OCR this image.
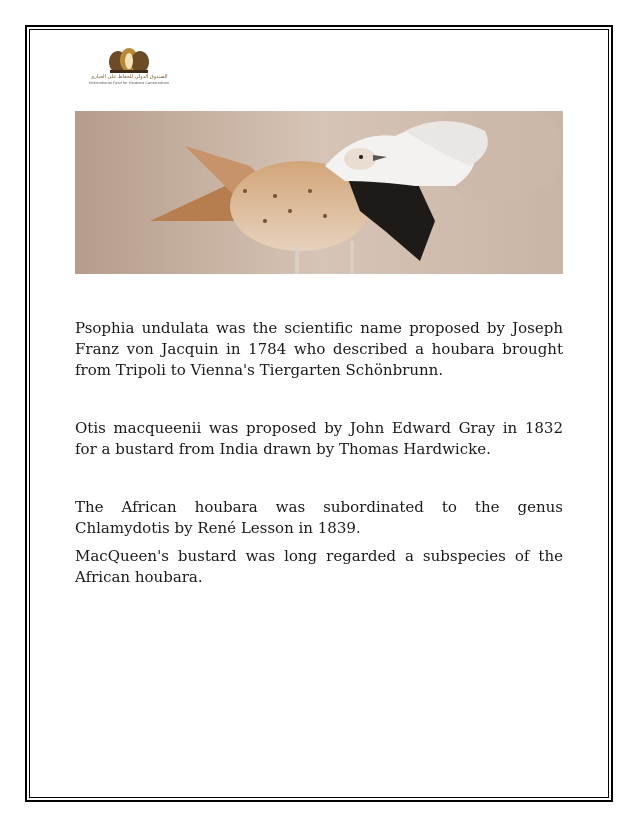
الصندوق الدولي للحفاظ على الحبارى
International Fund for Houbara Conservation

Psophia undulata was the scientific name proposed by Joseph Franz von Jacquin in 1784 who described a houbara brought from Tripoli to Vienna's Tiergarten Schönbrunn.

Otis macqueenii was proposed by John Edward Gray in 1832 for a bustard from India drawn by Thomas Hardwicke.

The African houbara was subordinated to the genus Chlamydotis by René Lesson in 1839.

MacQueen's bustard was long regarded a subspecies of the African houbara.
